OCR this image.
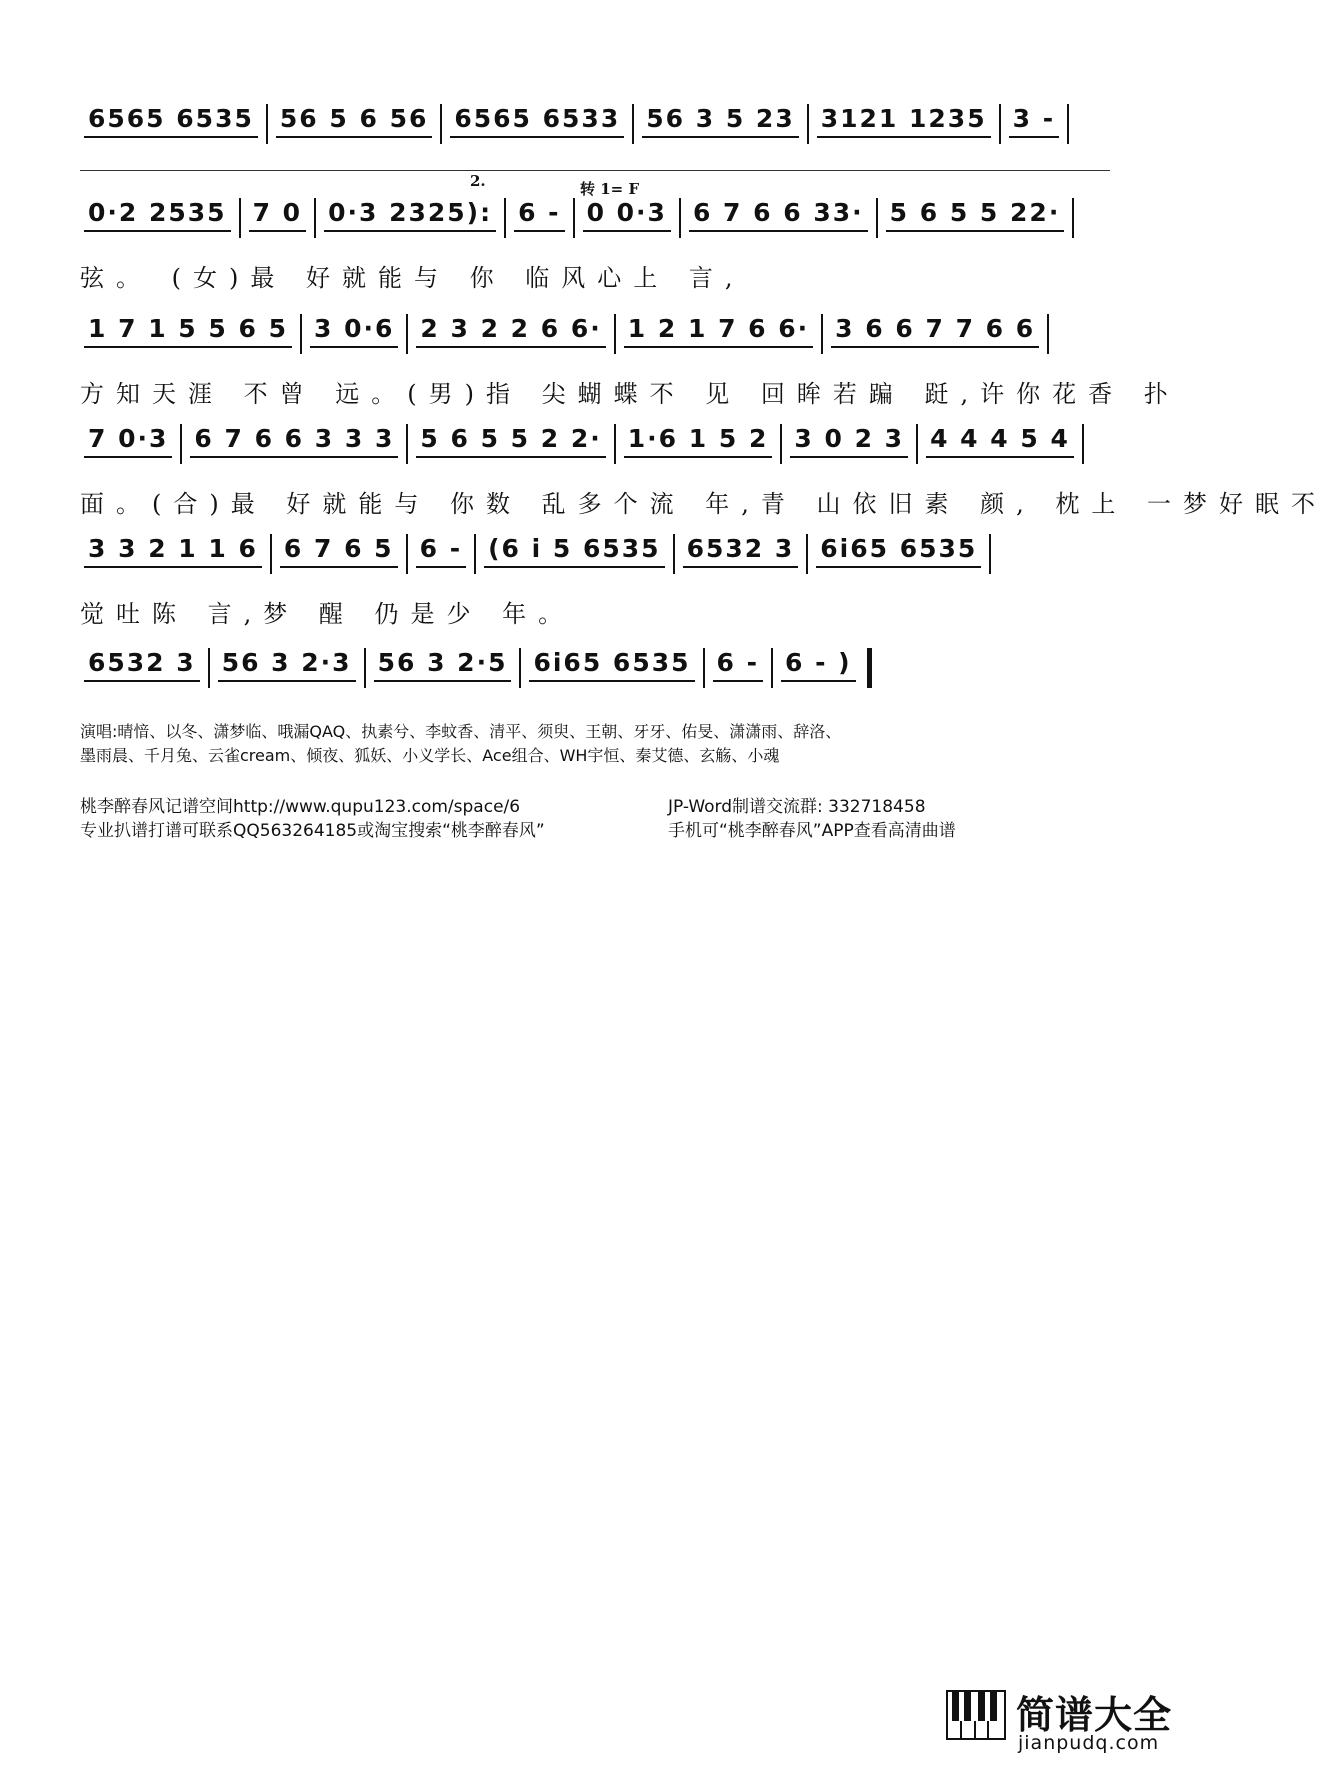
6565 6535 56 5 6 56 6565 6533 56 3 5 23 3121 1235 3 -
2.	转 1= F
0·2 2535 7 0 0·3 2325): 6 - 0 0·3 6 7 6 6 33· 5 6 5 5 22·
弦。 (女)最 好就能与 你 临风心上 言,
1 7 1 5 5 6 5 3 0·6 2 3 2 2 6 6· 1 2 1 7 6 6· 3 6 6 7 7 6 6
方知天涯 不曾 远。(男)指 尖蝴蝶不 见 回眸若蹁 跹,许你花香 扑
7 0·3 6 7 6 6 3 3 3 5 6 5 5 2 2· 1·6 1 5 2 3 0 2 3 4 4 4 5 4
面。(合)最 好就能与 你数 乱多个流 年,青 山依旧素 颜, 枕上 一梦好眠不
3 3 2 1 1 6 6 7 6 5 6 - (6 i 5 6535 6532 3 6i65 6535
觉吐陈 言,梦 醒 仍是少 年。
6532 3 56 3 2·3 56 3 2·5 6i65 6535 6 - 6 - )
演唱:晴愔、以冬、潇梦临、哦漏QAQ、执素兮、李蚊香、清平、须臾、王朝、牙牙、佑旻、潇潇雨、辞洛、
墨雨晨、千月兔、云雀cream、倾夜、狐妖、小义学长、Ace组合、WH宇恒、秦艾德、玄觞、小魂
桃李醉春风记谱空间http://www.qupu123.com/space/6
专业扒谱打谱可联系QQ563264185或淘宝搜索“桃李醉春风”
JP-Word制谱交流群: 332718458
手机可“桃李醉春风”APP查看高清曲谱
简谱大全
jianpudq.com
